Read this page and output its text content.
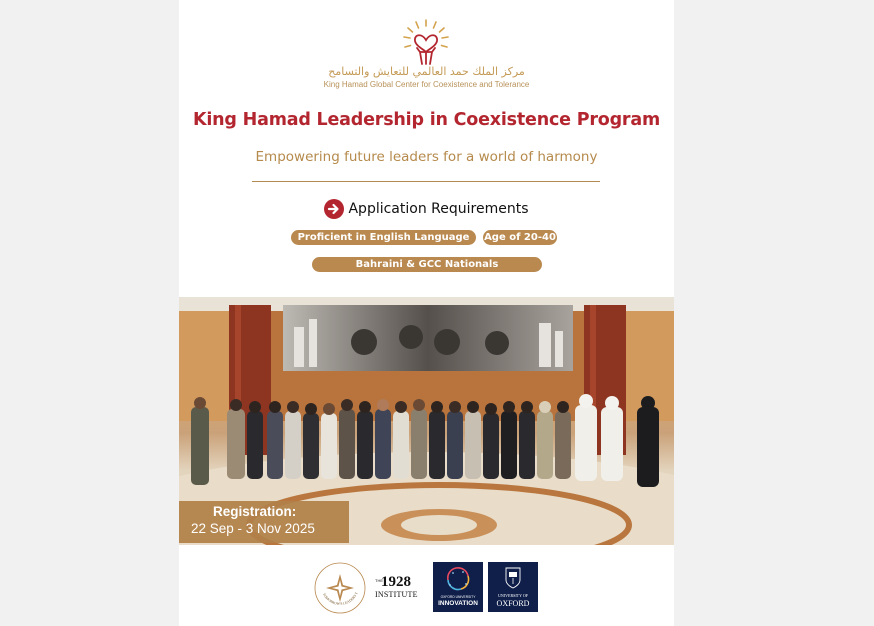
مركز الملك حمد العالمي للتعايش والتسامح
King Hamad Global Center for Coexistence and Tolerance
King Hamad Leadership in Coexistence Program
Empowering future leaders for a world of harmony
Application Requirements
Proficient in English Language	Age of 20-40
Bahraini & GCC Nationals
Registration:
22 Sep - 3 Nov 2025
TOMORROW'S LEADERS T
THE
1928
INSTITUTE	OXFORD UNIVERSITY
INNOVATION
UNIVERSITY OF
OXFORD
